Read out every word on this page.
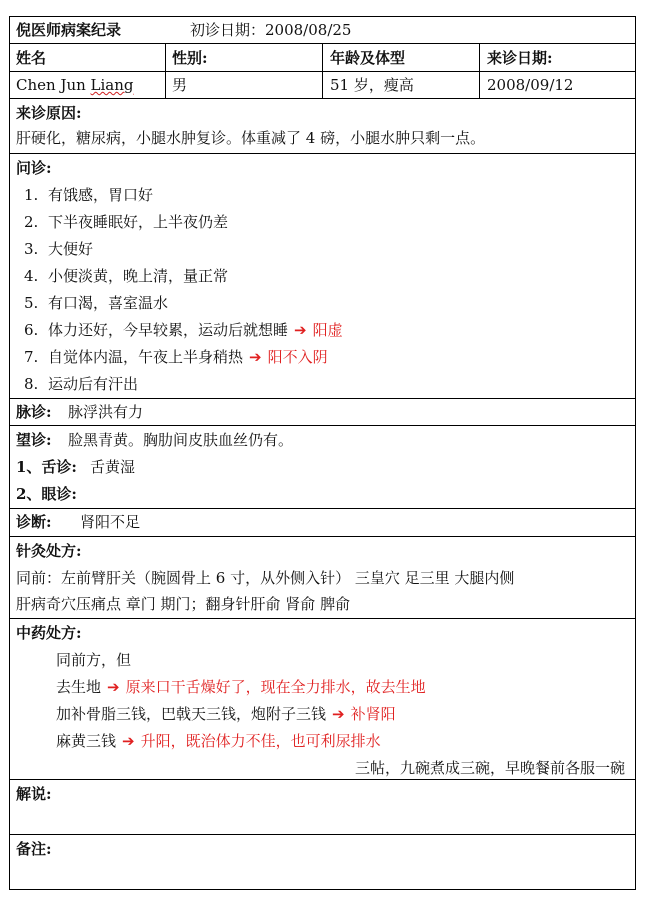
倪医师病案纪录	初诊日期：2008/08/25
姓名	性别:	年龄及体型	来诊日期:
Chen Jun Liang	男	51 岁，瘦高	2008/09/12
来诊原因:
肝硬化，糖尿病，小腿水肿复诊。体重减了 4 磅，小腿水肿只剩一点。
问诊:
1. 有饿感，胃口好
2. 下半夜睡眠好，上半夜仍差
3. 大便好
4. 小便淡黄，晚上清，量正常
5. 有口渴，喜室温水
6. 体力还好，今早较累，运动后就想睡 ➔ 阳虚
7. 自觉体内温，午夜上半身稍热 ➔ 阳不入阴
8. 运动后有汗出
脉诊: 脉浮洪有力
望诊: 脸黑青黄。胸肋间皮肤血丝仍有。
1、舌诊: 舌黄湿
2、眼诊:
诊断: 肾阳不足
针灸处方:
同前：左前臂肝关（腕圆骨上 6 寸，从外侧入针） 三皇穴 足三里 大腿内侧
肝病奇穴压痛点 章门 期门；翻身针肝俞 肾俞 脾俞
中药处方:
同前方，但
去生地 ➔ 原来口干舌燥好了，现在全力排水，故去生地
加补骨脂三钱，巴戟天三钱，炮附子三钱 ➔ 补肾阳
麻黄三钱 ➔ 升阳，既治体力不佳，也可利尿排水
三帖，九碗煮成三碗，早晚餐前各服一碗
解说:
备注:
